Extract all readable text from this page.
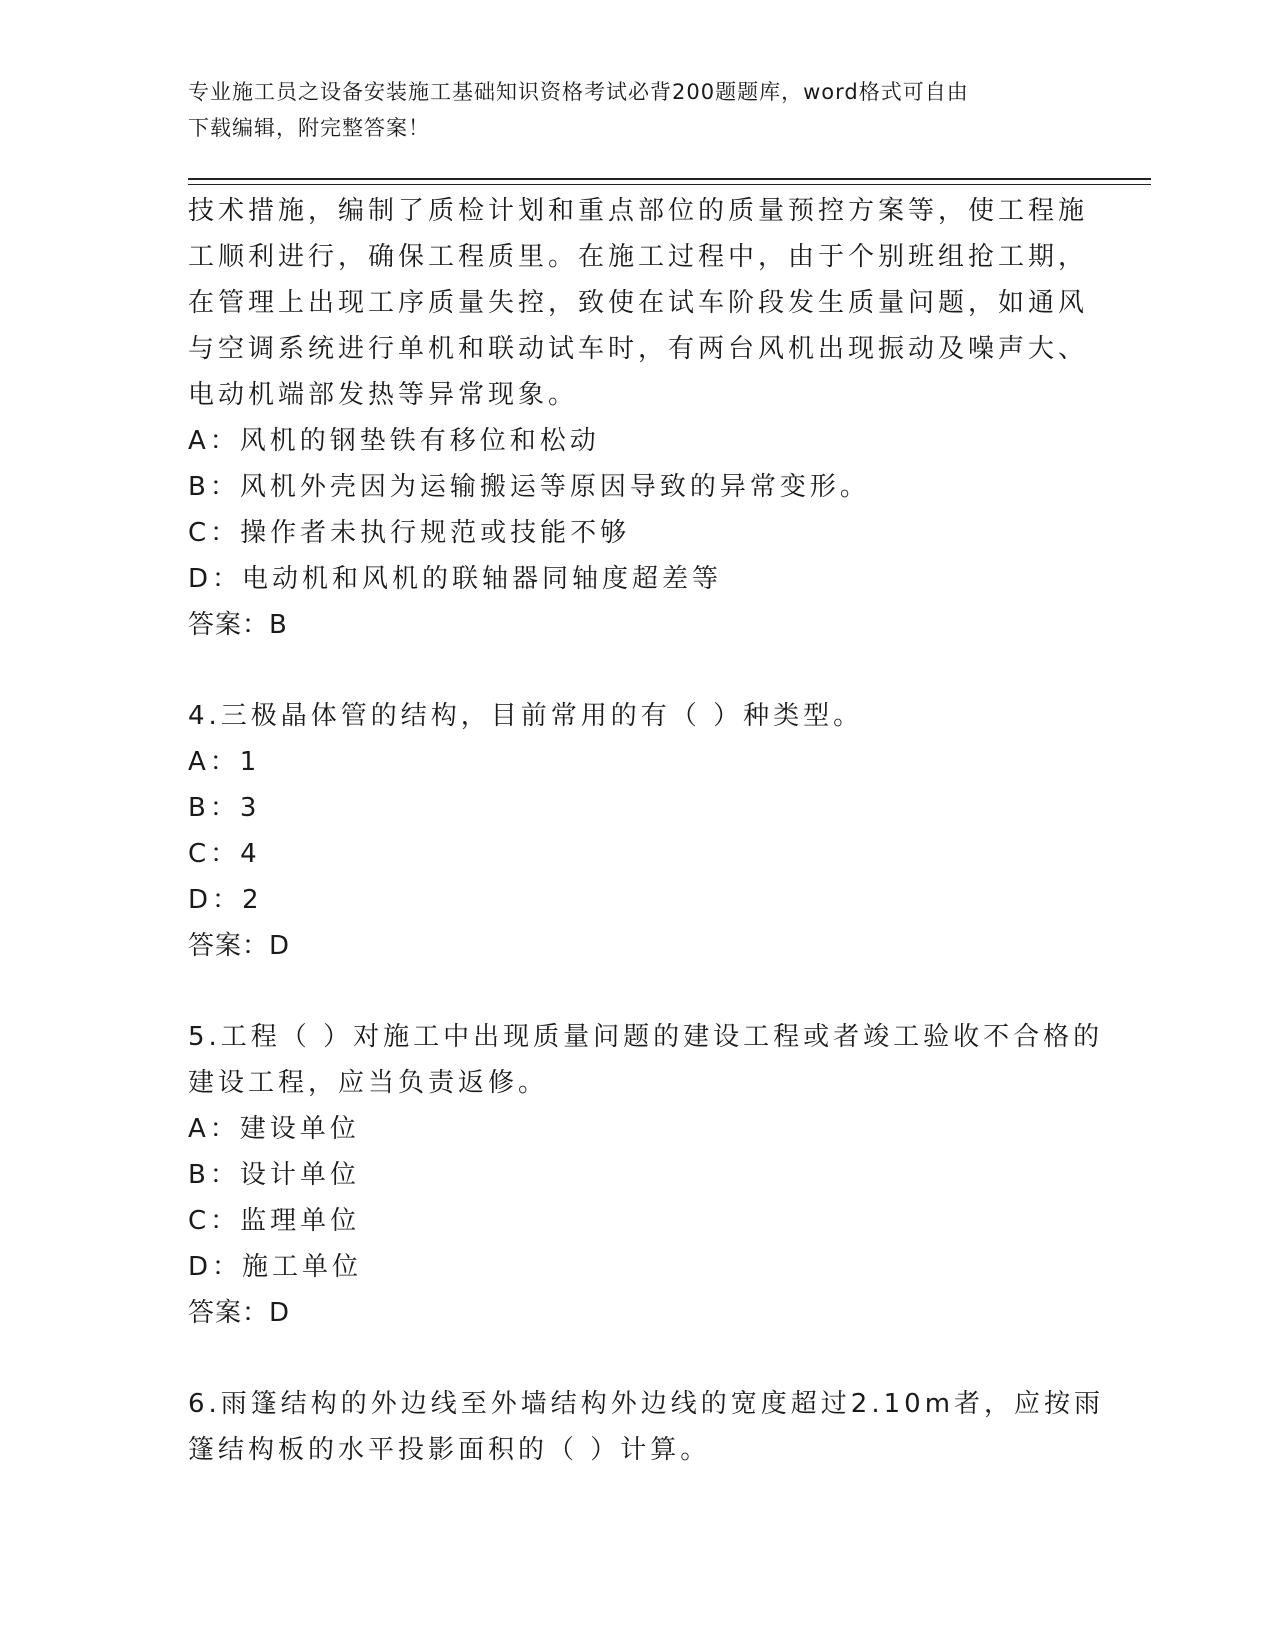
专业施工员之设备安装施工基础知识资格考试必背200题题库，word格式可自由
下载编辑，附完整答案！
技术措施，编制了质检计划和重点部位的质量预控方案等，使工程施
工顺利进行，确保工程质里。在施工过程中，由于个别班组抢工期，
在管理上出现工序质量失控，致使在试车阶段发生质量问题，如通风
与空调系统进行单机和联动试车时，有两台风机出现振动及噪声大、
电动机端部发热等异常现象。
A：风机的钢垫铁有移位和松动
B：风机外壳因为运输搬运等原因导致的异常变形。
C：操作者未执行规范或技能不够
D：电动机和风机的联轴器同轴度超差等
答案：B
4.三极晶体管的结构，目前常用的有（ ）种类型。
A：1
B：3
C：4
D：2
答案：D
5.工程（ ）对施工中出现质量问题的建设工程或者竣工验收不合格的
建设工程，应当负责返修。
A：建设单位
B：设计单位
C：监理单位
D：施工单位
答案：D
6.雨篷结构的外边线至外墙结构外边线的宽度超过2.10m者，应按雨
篷结构板的水平投影面积的（ ）计算。
